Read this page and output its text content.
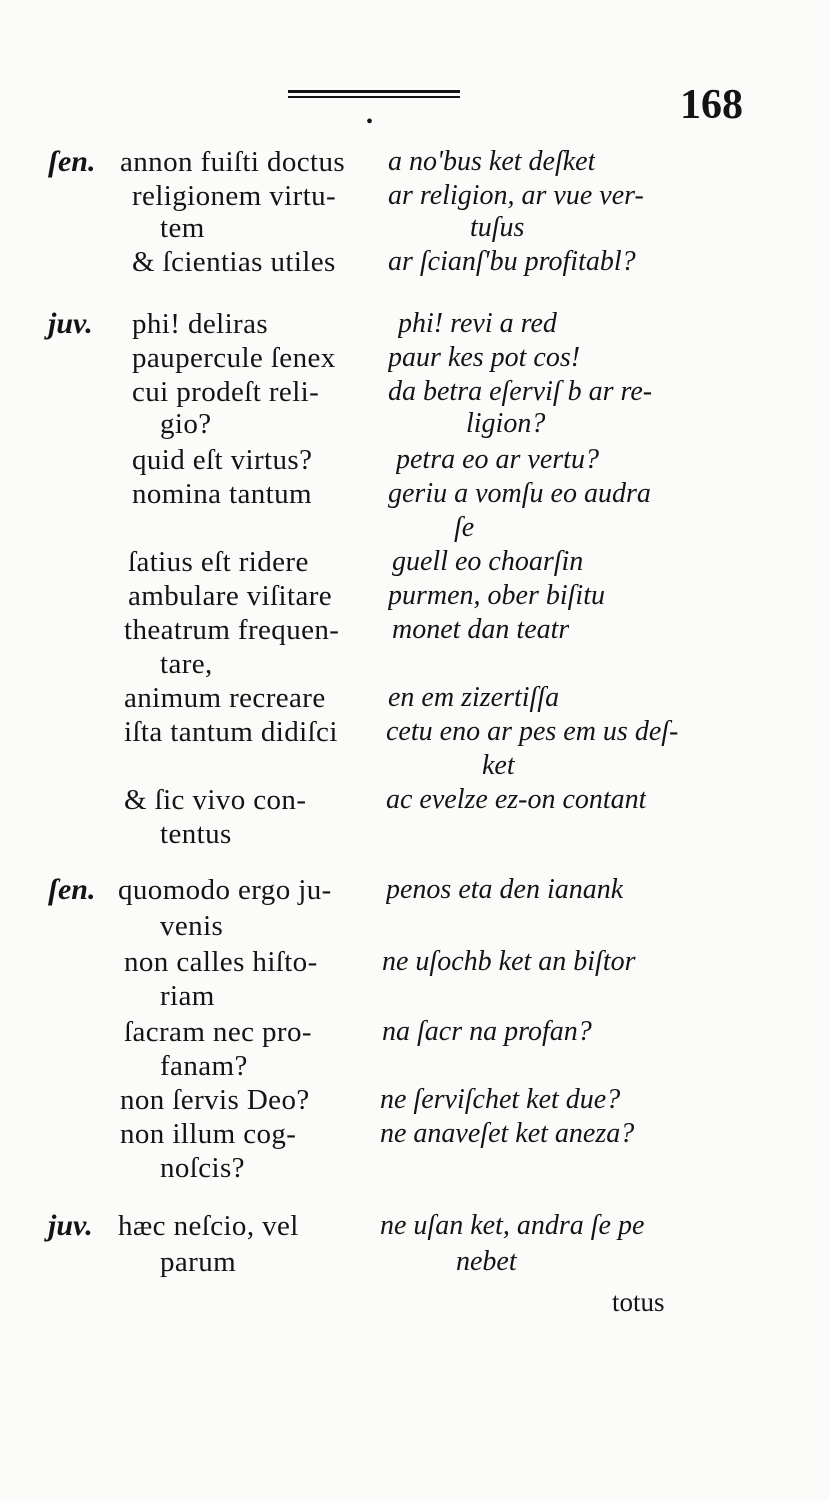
•	168
ſen. annon fuiſti doctus	a no'bus ket deſket
religionem virtu-	ar religion, ar vue ver-
tem	tuſus
& ſcientias utiles	ar ſcianſ'bu profitabl?
juv.	phi! deliras	phi! revi a red
paupercule ſenex	paur kes pot cos!
cui prodeſt reli-	da betra eſerviſ b ar re-
gio?	ligion?
quid eſt virtus?	petra eo ar vertu?
nomina tantum	geriu a vomſu eo audra
ſe
ſatius eſt ridere	guell eo choarſin
ambulare viſitare	purmen, ober biſitu
theatrum frequen-	monet dan teatr
tare,
animum recreare	en em zizertiſſa
iſta tantum didiſci	cetu eno ar pes em us deſ-
ket
& ſic vivo con-	ac evelze ez-on contant
tentus
ſen. quomodo ergo ju-	penos eta den ianank
venis
non calles hiſto-	ne uſochb ket an biſtor
riam
ſacram nec pro-	na ſacr na profan?
fanam?
non ſervis Deo?	ne ſerviſchet ket due?
non illum cog-	ne anaveſet ket aneza?
noſcis?
juv. hæc neſcio, vel	ne uſan ket, andra ſe pe
parum	nebet
totus
